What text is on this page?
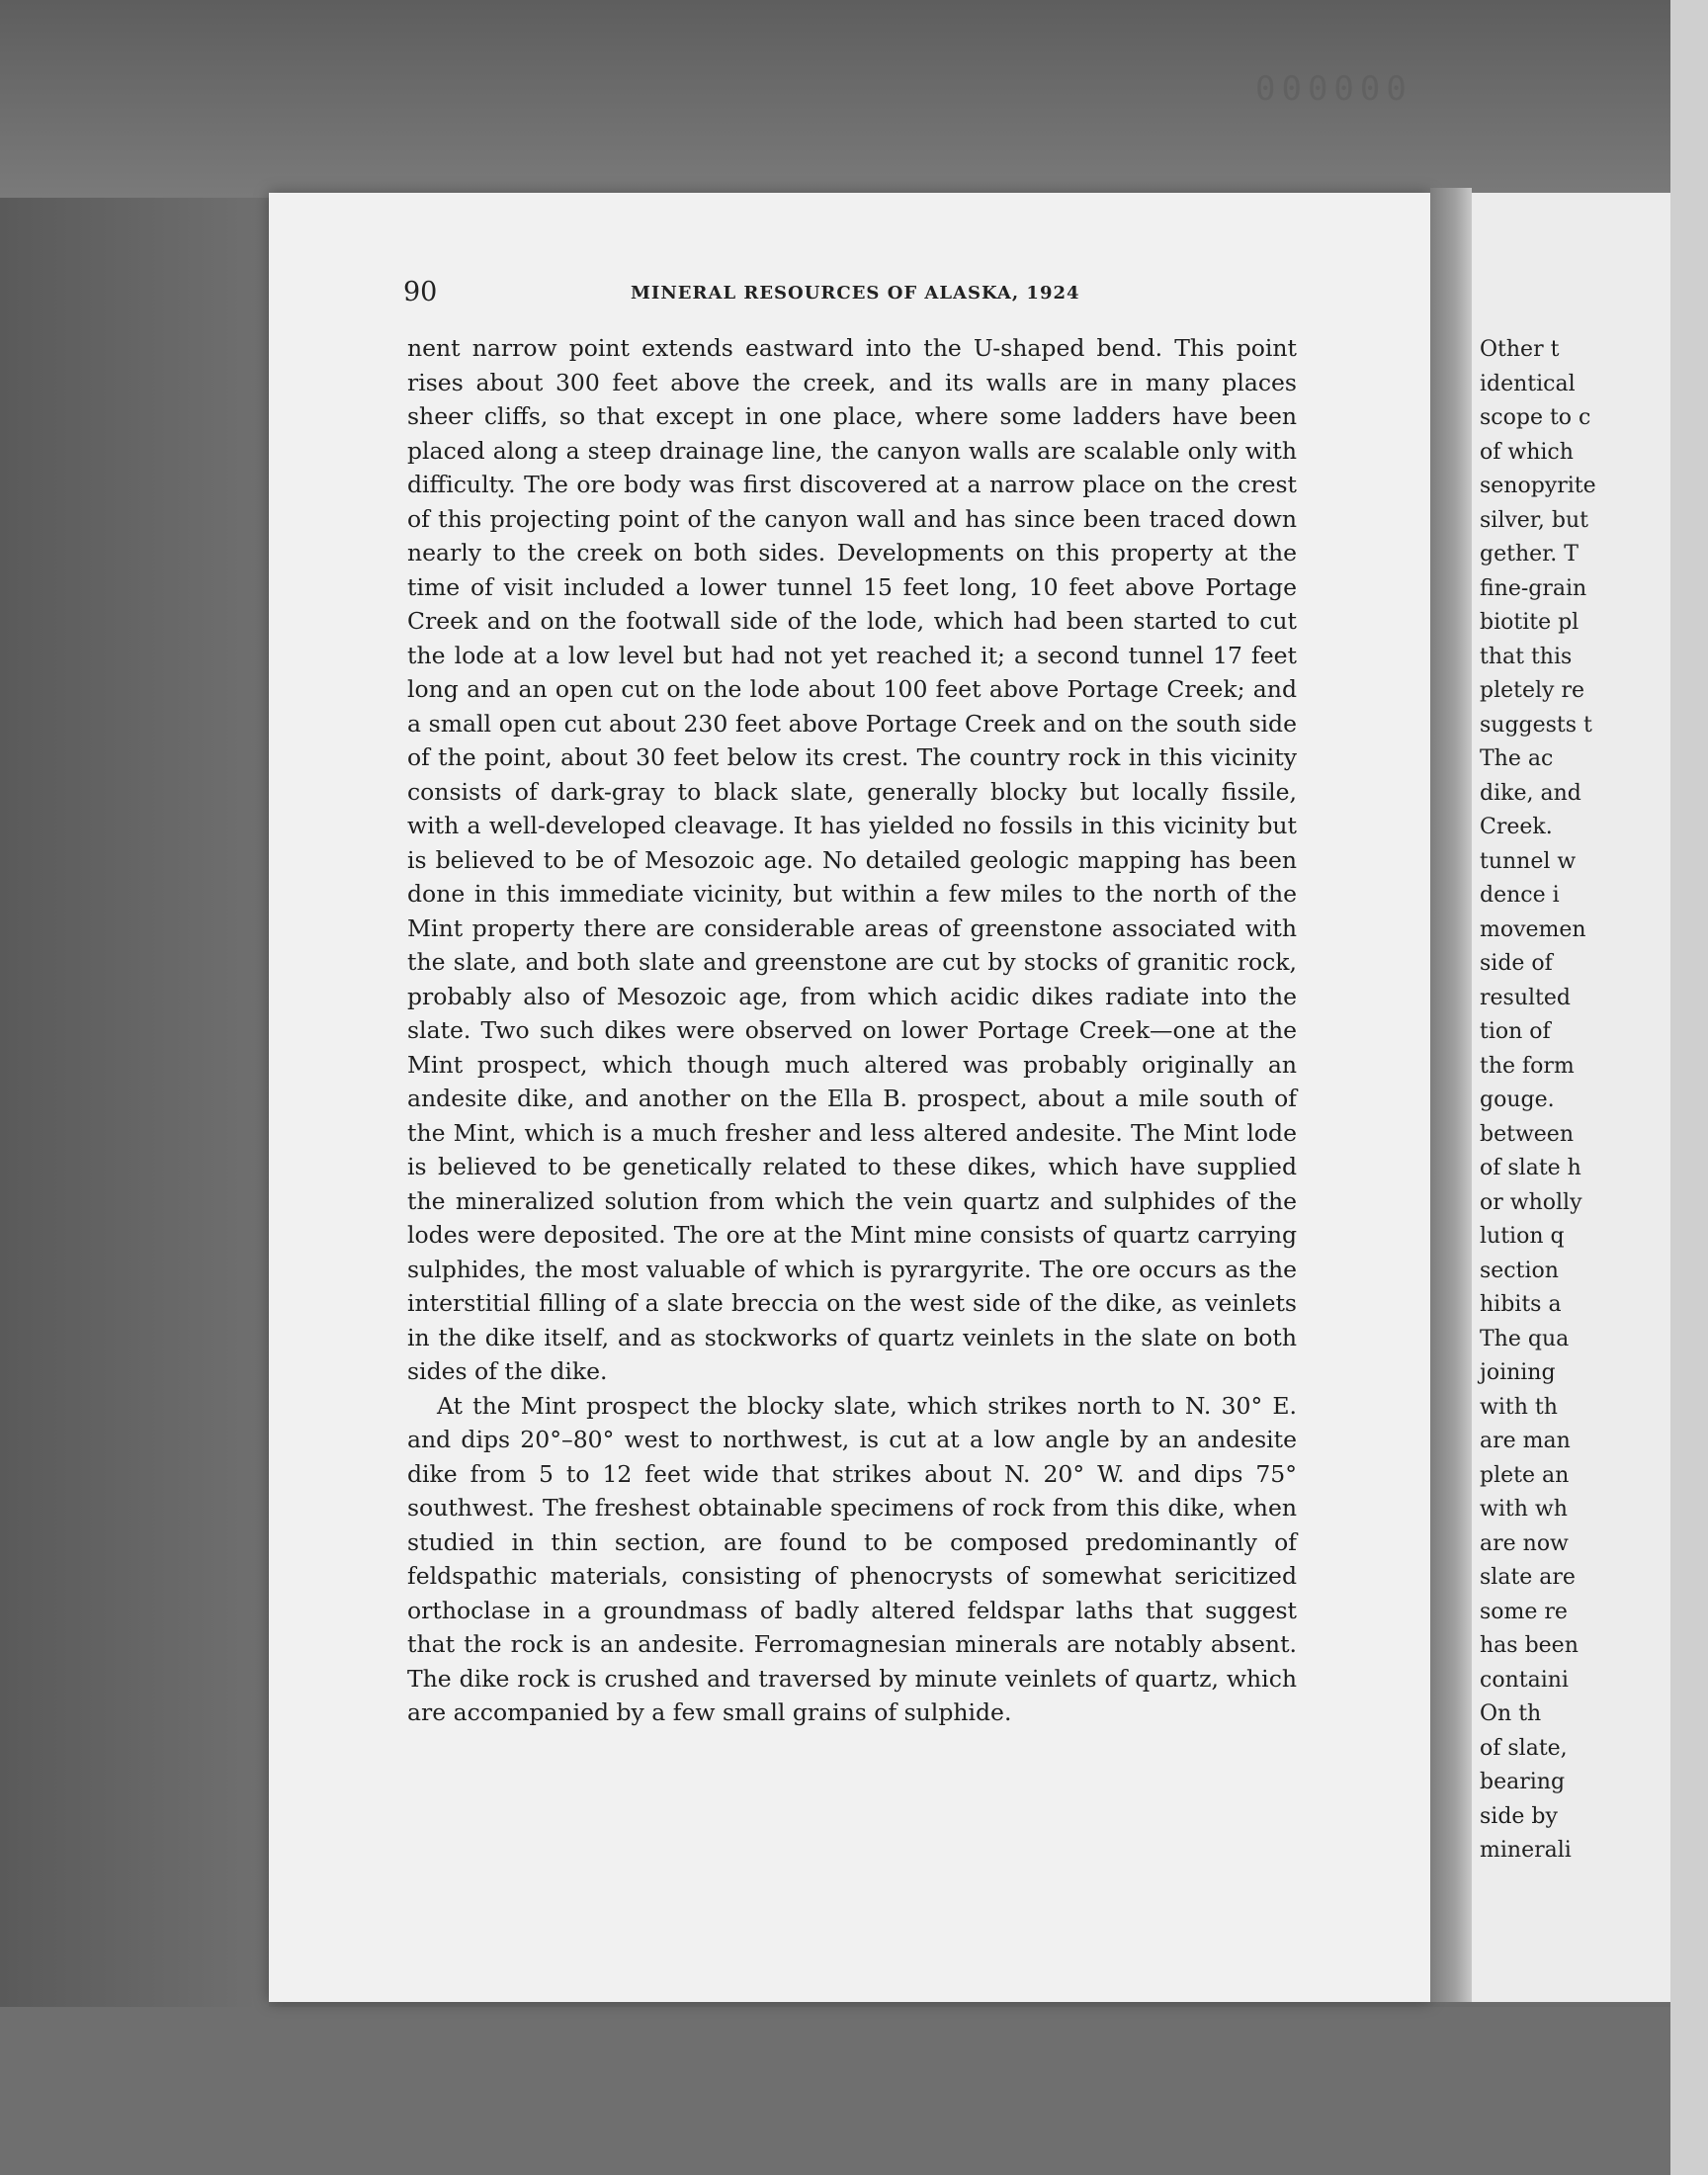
000000
90	MINERAL RESOURCES OF ALASKA, 1924

nent narrow point extends eastward into the U-shaped bend. This point rises about 300 feet above the creek, and its walls are in many places sheer cliffs, so that except in one place, where some ladders have been placed along a steep drainage line, the canyon walls are scalable only with difficulty. The ore body was first discovered at a narrow place on the crest of this projecting point of the canyon wall and has since been traced down nearly to the creek on both sides. Developments on this property at the time of visit included a lower tunnel 15 feet long, 10 feet above Portage Creek and on the footwall side of the lode, which had been started to cut the lode at a low level but had not yet reached it; a second tunnel 17 feet long and an open cut on the lode about 100 feet above Portage Creek; and a small open cut about 230 feet above Portage Creek and on the south side of the point, about 30 feet below its crest. The country rock in this vicinity consists of dark-gray to black slate, generally blocky but locally fissile, with a well-developed cleavage. It has yielded no fossils in this vicinity but is believed to be of Mesozoic age. No detailed geologic mapping has been done in this immediate vicinity, but within a few miles to the north of the Mint property there are considerable areas of greenstone associated with the slate, and both slate and greenstone are cut by stocks of granitic rock, probably also of Mesozoic age, from which acidic dikes radiate into the slate. Two such dikes were observed on lower Portage Creek—one at the Mint prospect, which though much altered was probably originally an andesite dike, and another on the Ella B. prospect, about a mile south of the Mint, which is a much fresher and less altered andesite. The Mint lode is believed to be genetically related to these dikes, which have supplied the mineralized solution from which the vein quartz and sulphides of the lodes were deposited. The ore at the Mint mine consists of quartz carrying sulphides, the most valuable of which is pyrargyrite. The ore occurs as the interstitial filling of a slate breccia on the west side of the dike, as veinlets in the dike itself, and as stockworks of quartz veinlets in the slate on both sides of the dike.

At the Mint prospect the blocky slate, which strikes north to N. 30° E. and dips 20°–80° west to northwest, is cut at a low angle by an andesite dike from 5 to 12 feet wide that strikes about N. 20° W. and dips 75° southwest. The freshest obtainable specimens of rock from this dike, when studied in thin section, are found to be composed predominantly of feldspathic materials, consisting of phenocrysts of somewhat sericitized orthoclase in a groundmass of badly altered feldspar laths that suggest that the rock is an andesite. Ferromagnesian minerals are notably absent. The dike rock is crushed and traversed by minute veinlets of quartz, which are accompanied by a few small grains of sulphide.

Other t
identical
scope to c
of which
senopyrite
silver, but
gether. T
fine-grain
biotite pl
that this
pletely re
suggests t
The ac
dike, and
Creek.
tunnel w
dence i
movemen
side of
resulted
tion of
the form
gouge.
between
of slate h
or wholly
lution q
section
hibits a
The qua
joining
with th
are man
plete an
with wh
are now
slate are
some re
has been
containi
On th
of slate,
bearing
side by
minerali
